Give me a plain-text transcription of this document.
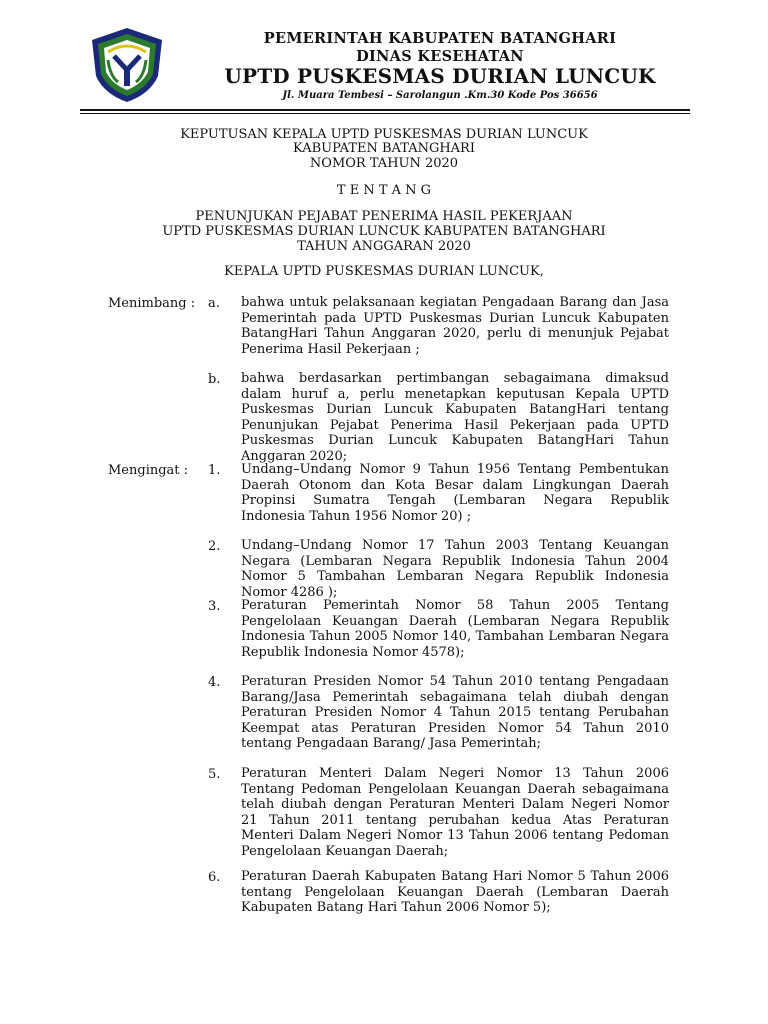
PEMERINTAH KABUPATEN BATANGHARI
DINAS KESEHATAN
UPTD PUSKESMAS DURIAN LUNCUK
Jl. Muara Tembesi – Sarolangun .Km.30 Kode Pos 36656
KEPUTUSAN KEPALA UPTD PUSKESMAS DURIAN LUNCUK
KABUPATEN BATANGHARI
NOMOR TAHUN 2020
T E N T A N G
PENUNJUKAN PEJABAT PENERIMA HASIL PEKERJAAN
UPTD PUSKESMAS DURIAN LUNCUK KABUPATEN BATANGHARI
TAHUN ANGGARAN 2020
KEPALA UPTD PUSKESMAS DURIAN LUNCUK,
Menimbang : a.	bahwa untuk pelaksanaan kegiatan Pengadaan Barang dan Jasa Pemerintah pada UPTD Puskesmas Durian Luncuk Kabupaten BatangHari Tahun Anggaran 2020, perlu di menunjuk Pejabat Penerima Hasil Pekerjaan ;

b.	bahwa berdasarkan pertimbangan sebagaimana dimaksud dalam huruf a, perlu menetapkan keputusan Kepala UPTD Puskesmas Durian Luncuk Kabupaten BatangHari tentang Penunjukan Pejabat Penerima Hasil Pekerjaan pada UPTD Puskesmas Durian Luncuk Kabupaten BatangHari Tahun Anggaran 2020;

Mengingat : 1.	Undang–Undang Nomor 9 Tahun 1956 Tentang Pembentukan Daerah Otonom dan Kota Besar dalam Lingkungan Daerah Propinsi Sumatra Tengah (Lembaran Negara Republik Indonesia Tahun 1956 Nomor 20) ;

2.	Undang–Undang Nomor 17 Tahun 2003 Tentang Keuangan Negara (Lembaran Negara Republik Indonesia Tahun 2004 Nomor 5 Tambahan Lembaran Negara Republik Indonesia Nomor 4286 );

3.	Peraturan Pemerintah Nomor 58 Tahun 2005 Tentang Pengelolaan Keuangan Daerah (Lembaran Negara Republik Indonesia Tahun 2005 Nomor 140, Tambahan Lembaran Negara Republik Indonesia Nomor 4578);

4.	Peraturan Presiden Nomor 54 Tahun 2010 tentang Pengadaan Barang/Jasa Pemerintah sebagaimana telah diubah dengan Peraturan Presiden Nomor 4 Tahun 2015 tentang Perubahan Keempat atas Peraturan Presiden Nomor 54 Tahun 2010 tentang Pengadaan Barang/ Jasa Pemerintah;

5.	Peraturan Menteri Dalam Negeri Nomor 13 Tahun 2006 Tentang Pedoman Pengelolaan Keuangan Daerah sebagaimana telah diubah dengan Peraturan Menteri Dalam Negeri Nomor 21 Tahun 2011 tentang perubahan kedua Atas Peraturan Menteri Dalam Negeri Nomor 13 Tahun 2006 tentang Pedoman Pengelolaan Keuangan Daerah;

6.	Peraturan Daerah Kabupaten Batang Hari Nomor 5 Tahun 2006 tentang Pengelolaan Keuangan Daerah (Lembaran Daerah Kabupaten Batang Hari Tahun 2006 Nomor 5);
